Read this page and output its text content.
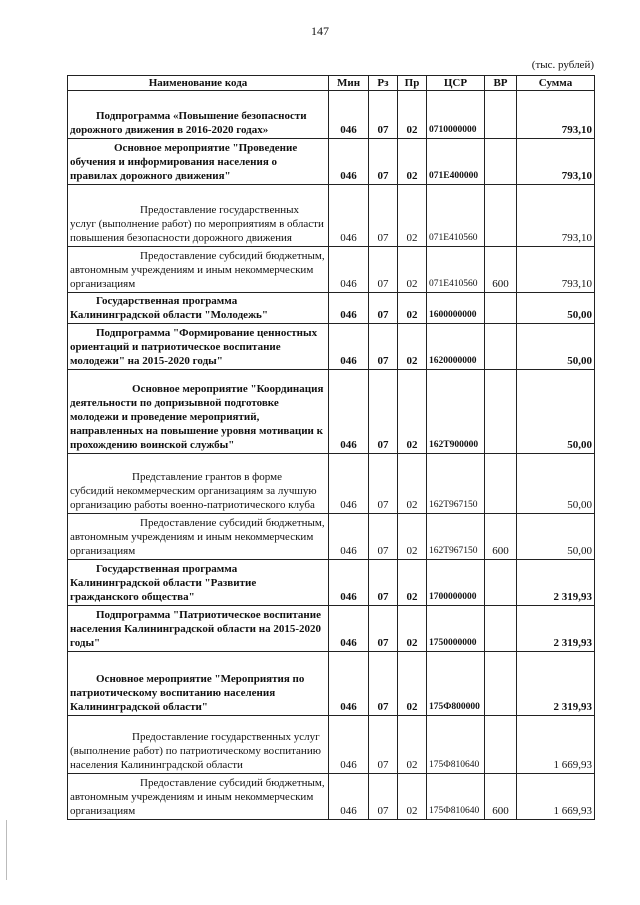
147
(тыс. рублей)
Наименование кода	Мин	Рз	Пр	ЦСР	ВР	Сумма
Подпрограмма «Повышение безопасности дорожного движения в 2016-2020 годах»	046	07	02	0710000000		793,10
Основное мероприятие "Проведение обучения и информирования населения о правилах дорожного движения"	046	07	02	071Е400000		793,10
Предоставление государственных услуг (выполнение работ) по мероприятиям в области повышения безопасности дорожного движения	046	07	02	071Е410560		793,10
Предоставление субсидий бюджетным, автономным учреждениям и иным некоммерческим организациям	046	07	02	071Е410560	600	793,10
Государственная программа Калининградской области "Молодежь"	046	07	02	1600000000		50,00
Подпрограмма "Формирование ценностных ориентаций и патриотическое воспитание молодежи" на 2015-2020 годы"	046	07	02	1620000000		50,00
Основное мероприятие "Координация деятельности по допризывной подготовке молодежи и проведение мероприятий, направленных на повышение уровня мотивации к прохождению воинской службы"	046	07	02	162Т900000		50,00
Представление грантов в форме субсидий некоммерческим организациям за лучшую организацию работы военно-патриотического клуба	046	07	02	162Т967150		50,00
Предоставление субсидий бюджетным, автономным учреждениям и иным некоммерческим организациям	046	07	02	162Т967150	600	50,00
Государственная программа Калининградской области "Развитие гражданского общества"	046	07	02	1700000000		2 319,93
Подпрограмма "Патриотическое воспитание населения Калининградской области на 2015-2020 годы"	046	07	02	1750000000		2 319,93
Основное мероприятие "Мероприятия по патриотическому воспитанию населения Калининградской области"	046	07	02	175Ф800000		2 319,93
Предоставление государственных услуг (выполнение работ) по патриотическому воспитанию населения Калининградской области	046	07	02	175Ф810640		1 669,93
Предоставление субсидий бюджетным, автономным учреждениям и иным некоммерческим организациям	046	07	02	175Ф810640	600	1 669,93
